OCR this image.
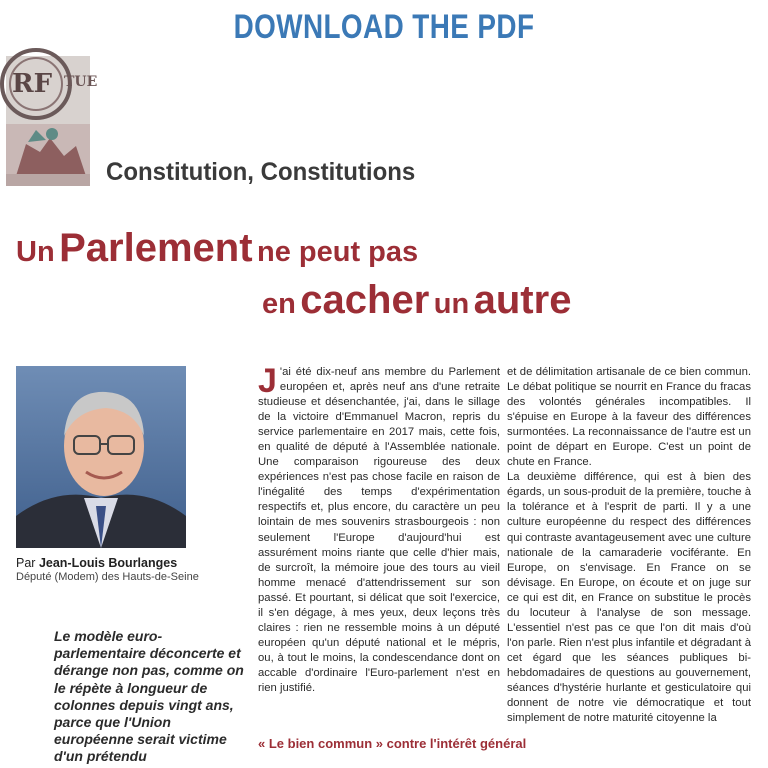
DOWNLOAD THE PDF
RF TUE
Constitution, Constitutions
Un Parlement ne peut pas
en cacher un autre
Par Jean-Louis Bourlanges
Député (Modem) des Hauts-de-Seine
Le modèle euro-parlementaire déconcerte et dérange non pas, comme on le répète à longueur de colonnes depuis vingt ans, parce que l'Union européenne serait victime d'un prétendu
J 'ai été dix-neuf ans membre du Parlement européen et, après neuf ans d'une retraite studieuse et désenchantée, j'ai, dans le sillage de la victoire d'Emmanuel Macron, repris du service parlementaire en 2017 mais, cette fois, en qualité de député à l'Assemblée nationale. Une comparaison rigoureuse des deux expériences n'est pas chose facile en raison de l'inégalité des temps d'expérimentation respectifs et, plus encore, du caractère un peu lointain de mes souvenirs strasbourgeois : non seulement l'Europe d'aujourd'hui est assurément moins riante que celle d'hier mais, de surcroît, la mémoire joue des tours au vieil homme menacé d'attendrissement sur son passé. Et pourtant, si délicat que soit l'exercice, il s'en dégage, à mes yeux, deux leçons très claires : rien ne ressemble moins à un député européen qu'un député national et le mépris, ou, à tout le moins, la condescendance dont on accable d'ordinaire l'Euro-parlement n'est en rien justifié.
« Le bien commun » contre l'intérêt général

et de délimitation artisanale de ce bien commun. Le débat politique se nourrit en France du fracas des volontés générales incompatibles. Il s'épuise en Europe à la faveur des différences surmontées. La reconnaissance de l'autre est un point de départ en Europe. C'est un point de chute en France.

La deuxième différence, qui est à bien des égards, un sous-produit de la première, touche à la tolérance et à l'esprit de parti. Il y a une culture européenne du respect des différences qui contraste avantageusement avec une culture nationale de la camaraderie vociférante. En Europe, on s'envisage. En France on se dévisage. En Europe, on écoute et on juge sur ce qui est dit, en France on substitue le procès du locuteur à l'analyse de son message. L'essentiel n'est pas ce que l'on dit mais d'où l'on parle. Rien n'est plus infantile et dégradant à cet égard que les séances publiques bi-hebdomadaires de questions au gouvernement, séances d'hystérie hurlante et gesticulatoire qui donnent de notre vie démocratique et tout simplement de notre maturité citoyenne la
